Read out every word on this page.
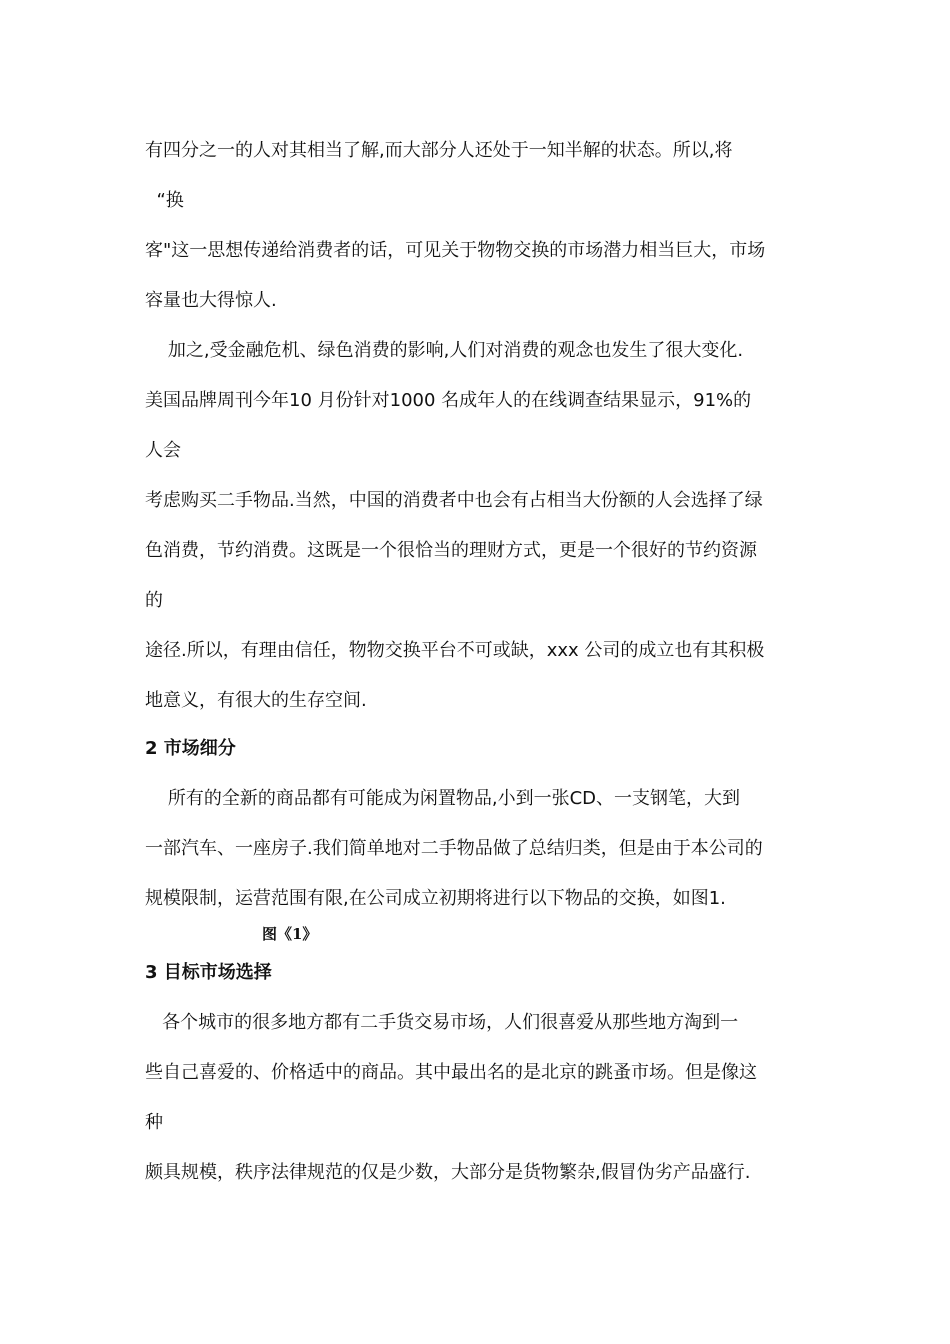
有四分之一的人对其相当了解,而大部分人还处于一知半解的状态。所以,将
“换
客"这一思想传递给消费者的话，可见关于物物交换的市场潜力相当巨大，市场
容量也大得惊人.
加之,受金融危机、绿色消费的影响,人们对消费的观念也发生了很大变化.
美国品牌周刊今年10 月份针对1000 名成年人的在线调查结果显示，91%的
人会
考虑购买二手物品.当然，中国的消费者中也会有占相当大份额的人会选择了绿
色消费，节约消费。这既是一个很恰当的理财方式，更是一个很好的节约资源
的
途径.所以，有理由信任，物物交换平台不可或缺，xxx 公司的成立也有其积极
地意义，有很大的生存空间.
2 市场细分
所有的全新的商品都有可能成为闲置物品,小到一张CD、一支钢笔，大到
一部汽车、一座房子.我们简单地对二手物品做了总结归类，但是由于本公司的
规模限制，运营范围有限,在公司成立初期将进行以下物品的交换，如图1.
图《1》
3 目标市场选择
各个城市的很多地方都有二手货交易市场，人们很喜爱从那些地方淘到一
些自己喜爱的、价格适中的商品。其中最出名的是北京的跳蚤市场。但是像这
种
颇具规模，秩序法律规范的仅是少数，大部分是货物繁杂,假冒伪劣产品盛行.
